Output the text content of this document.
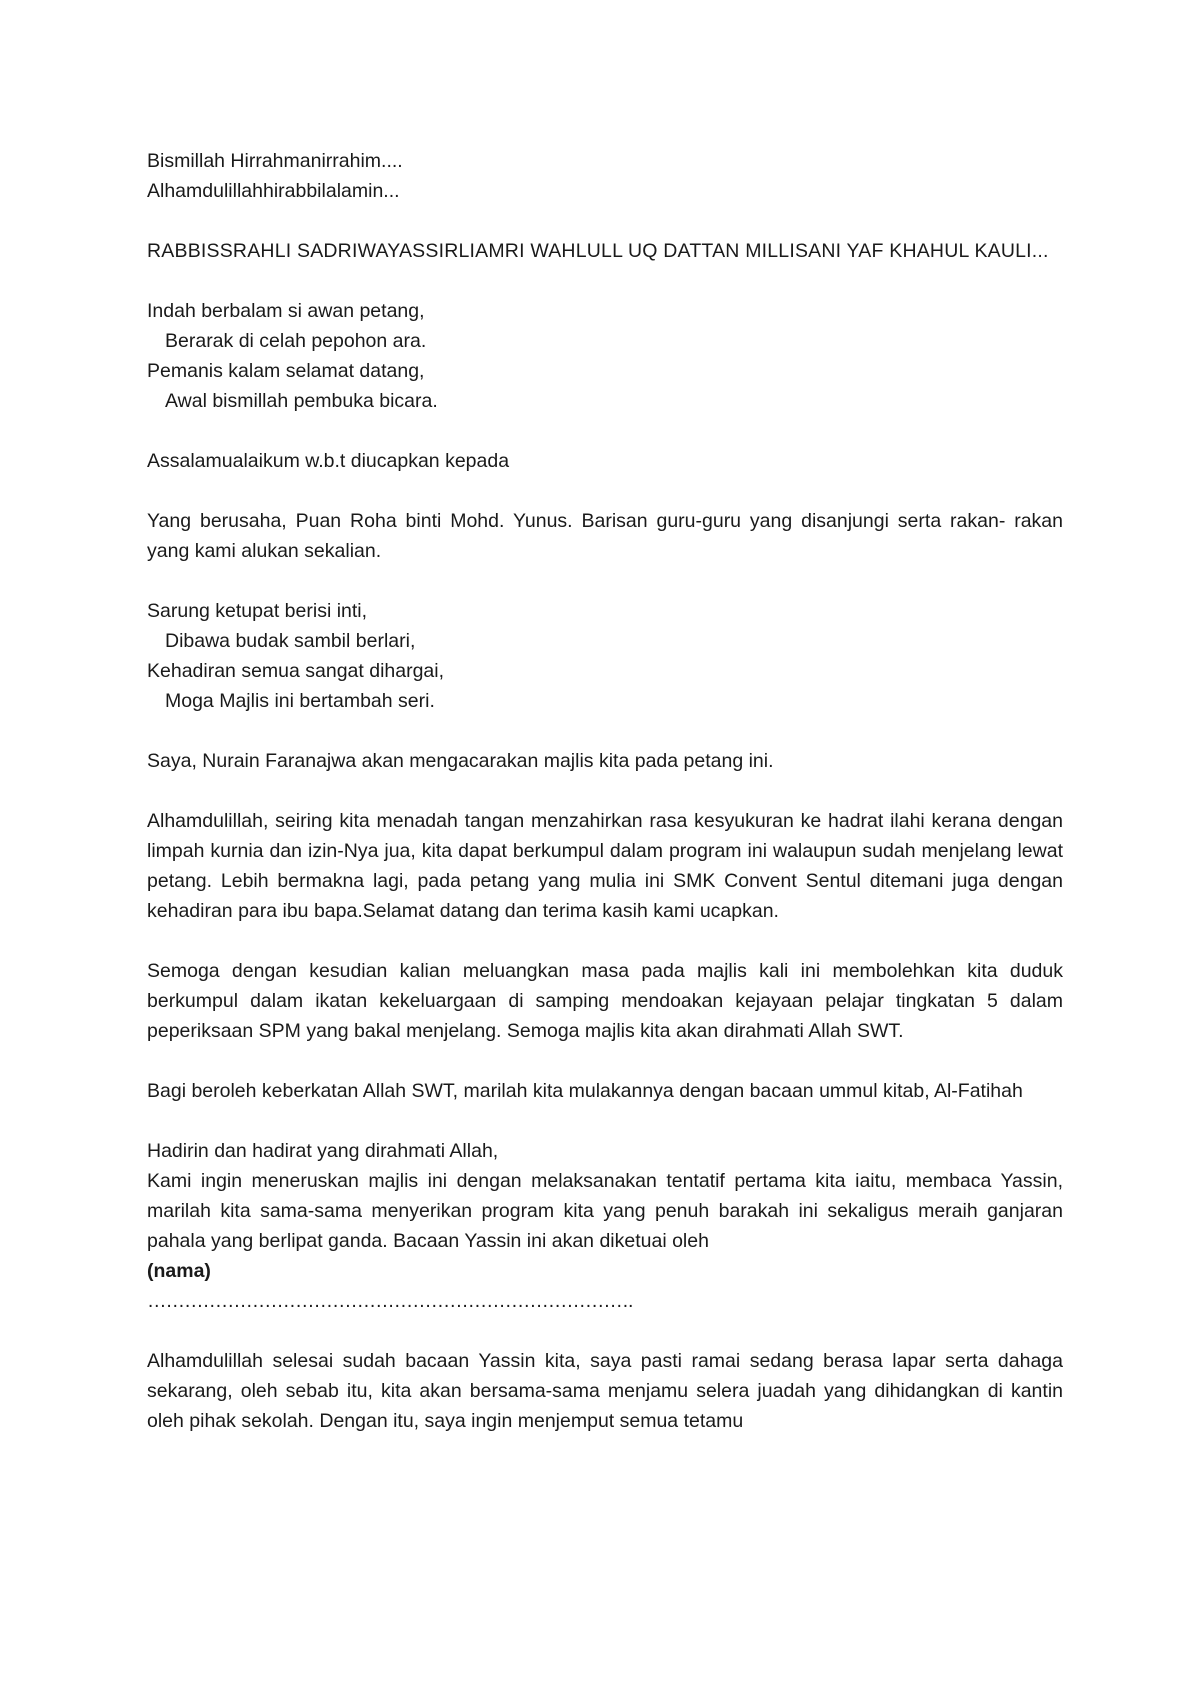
Bismillah Hirrahmanirrahim....
Alhamdulillahhirabbilalamin...

RABBISSRAHLI SADRIWAYASSIRLIAMRI WAHLULL UQ DATTAN MILLISANI YAF KHAHUL KAULI...

Indah berbalam si awan petang,
Berarak di celah pepohon ara.
Pemanis kalam selamat datang,
Awal bismillah pembuka bicara.
Assalamualaikum w.b.t diucapkan kepada

Yang berusaha, Puan Roha binti Mohd. Yunus. Barisan guru-guru yang disanjungi serta rakan- rakan yang kami alukan sekalian.

Sarung ketupat berisi inti,
Dibawa budak sambil berlari,
Kehadiran semua sangat dihargai,
Moga Majlis ini bertambah seri.
Saya, Nurain Faranajwa akan mengacarakan majlis kita pada petang ini.

Alhamdulillah, seiring kita menadah tangan menzahirkan rasa kesyukuran ke hadrat ilahi kerana dengan limpah kurnia dan izin-Nya jua, kita dapat berkumpul dalam program ini walaupun sudah menjelang lewat petang. Lebih bermakna lagi, pada petang yang mulia ini SMK Convent Sentul ditemani juga dengan kehadiran para ibu bapa.Selamat datang dan terima kasih kami ucapkan.

Semoga dengan kesudian kalian meluangkan masa pada majlis kali ini membolehkan kita duduk berkumpul dalam ikatan kekeluargaan di samping mendoakan kejayaan pelajar tingkatan 5 dalam peperiksaan SPM yang bakal menjelang. Semoga majlis kita akan dirahmati Allah SWT.

Bagi beroleh keberkatan Allah SWT, marilah kita mulakannya dengan bacaan ummul kitab, Al-Fatihah

Hadirin dan hadirat yang dirahmati Allah,

Kami ingin meneruskan majlis ini dengan melaksanakan tentatif pertama kita iaitu, membaca Yassin, marilah kita sama-sama menyerikan program kita yang penuh barakah ini sekaligus meraih ganjaran pahala yang berlipat ganda. Bacaan Yassin ini akan diketuai oleh

(nama)
…………………………………………………………………….

Alhamdulillah selesai sudah bacaan Yassin kita, saya pasti ramai sedang berasa lapar serta dahaga sekarang, oleh sebab itu, kita akan bersama-sama menjamu selera juadah yang dihidangkan di kantin oleh pihak sekolah. Dengan itu, saya ingin menjemput semua tetamu
